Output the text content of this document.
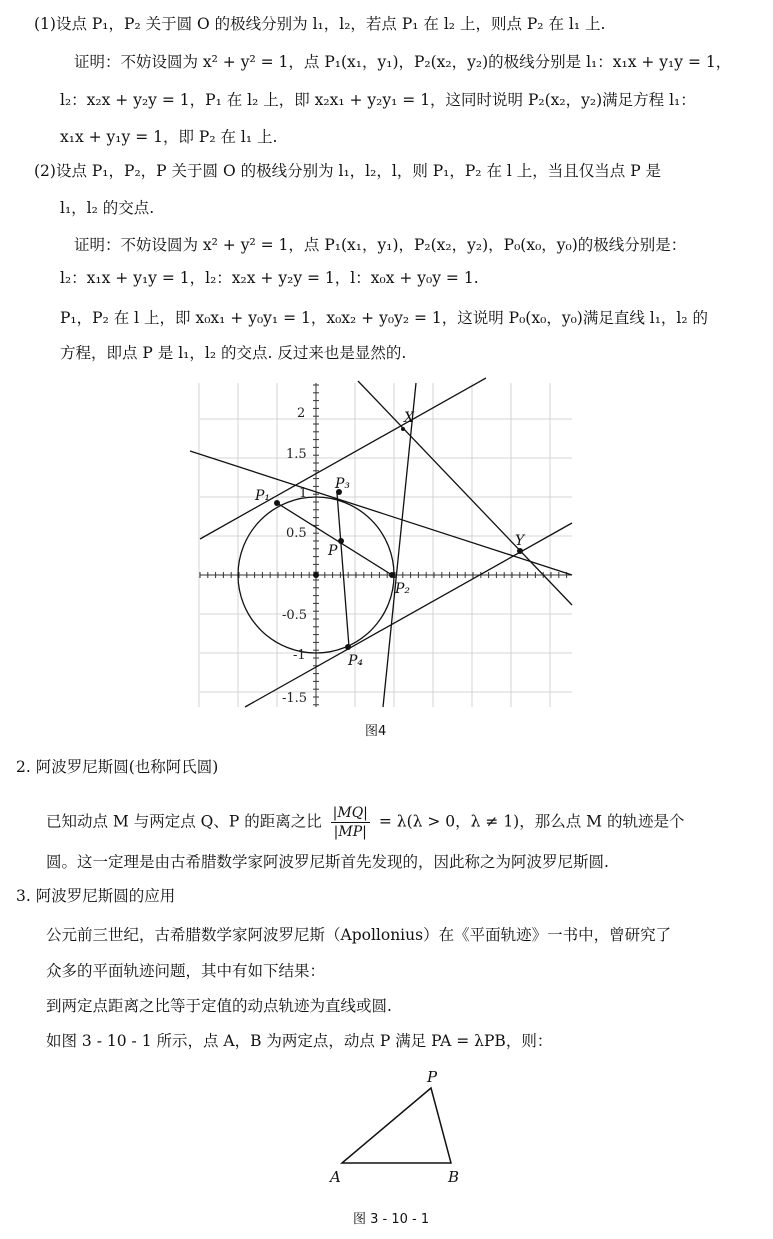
(1)设点 P₁，P₂ 关于圆 O 的极线分别为 l₁，l₂，若点 P₁ 在 l₂ 上，则点 P₂ 在 l₁ 上.
证明：不妨设圆为 x² + y² = 1，点 P₁(x₁，y₁)，P₂(x₂，y₂)的极线分别是 l₁：x₁x + y₁y = 1，
l₂：x₂x + y₂y = 1，P₁ 在 l₂ 上，即 x₂x₁ + y₂y₁ = 1，这同时说明 P₂(x₂，y₂)满足方程 l₁：
x₁x + y₁y = 1，即 P₂ 在 l₁ 上.
(2)设点 P₁，P₂，P 关于圆 O 的极线分别为 l₁，l₂，l，则 P₁，P₂ 在 l 上，当且仅当点 P 是
l₁，l₂ 的交点.
证明：不妨设圆为 x² + y² = 1，点 P₁(x₁，y₁)，P₂(x₂，y₂)，P₀(x₀，y₀)的极线分别是：
l₂：x₁x + y₁y = 1，l₂：x₂x + y₂y = 1，l：x₀x + y₀y = 1.
P₁，P₂ 在 l 上，即 x₀x₁ + y₀y₁ = 1，x₀x₂ + y₀y₂ = 1，这说明 P₀(x₀，y₀)满足直线 l₁，l₂ 的
方程，即点 P 是 l₁，l₂ 的交点. 反过来也是显然的.
2
1.5
1
0.5
-0.5
-1
-1.5
P₁
P₃
P
P₂
P₄
X
Y
图4
2. 阿波罗尼斯圆(也称阿氏圆)
已知动点 M 与两定点 Q、P 的距离之比 $\frac{|MQ|}{|MP|} = \lambda(\lambda > 0$，λ ≠ 1)，那么点 M 的轨迹是个
圆。这一定理是由古希腊数学家阿波罗尼斯首先发现的，因此称之为阿波罗尼斯圆.
3. 阿波罗尼斯圆的应用
公元前三世纪，古希腊数学家阿波罗尼斯（Apollonius）在《平面轨迹》一书中，曾研究了
众多的平面轨迹问题，其中有如下结果：
到两定点距离之比等于定值的动点轨迹为直线或圆.
如图 3 - 10 - 1 所示，点 A，B 为两定点，动点 P 满足 PA = λPB，则：
P
A	B
图 3 - 10 - 1
